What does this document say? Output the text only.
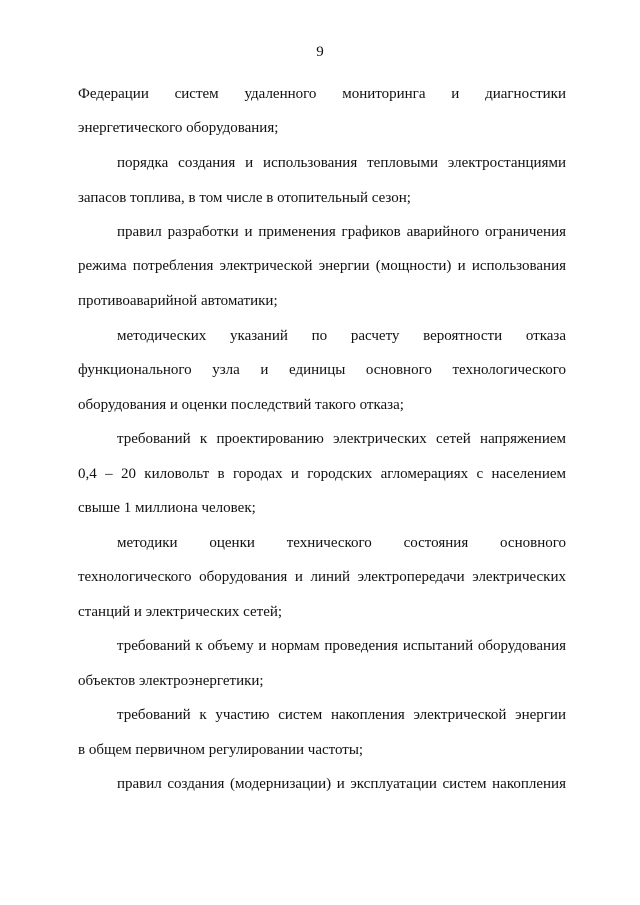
9
Федерации систем удаленного мониторинга и диагностики
энергетического оборудования;
порядка создания и использования тепловыми электростанциями
запасов топлива, в том числе в отопительный сезон;
правил разработки и применения графиков аварийного ограничения
режима потребления электрической энергии (мощности) и использования
противоаварийной автоматики;
методических указаний по расчету вероятности отказа
функционального узла и единицы основного технологического
оборудования и оценки последствий такого отказа;
требований к проектированию электрических сетей напряжением
0,4 – 20 киловольт в городах и городских агломерациях с населением
свыше 1 миллиона человек;
методики оценки технического состояния основного
технологического оборудования и линий электропередачи электрических
станций и электрических сетей;
требований к объему и нормам проведения испытаний оборудования
объектов электроэнергетики;
требований к участию систем накопления электрической энергии
в общем первичном регулировании частоты;
правил создания (модернизации) и эксплуатации систем накопления
